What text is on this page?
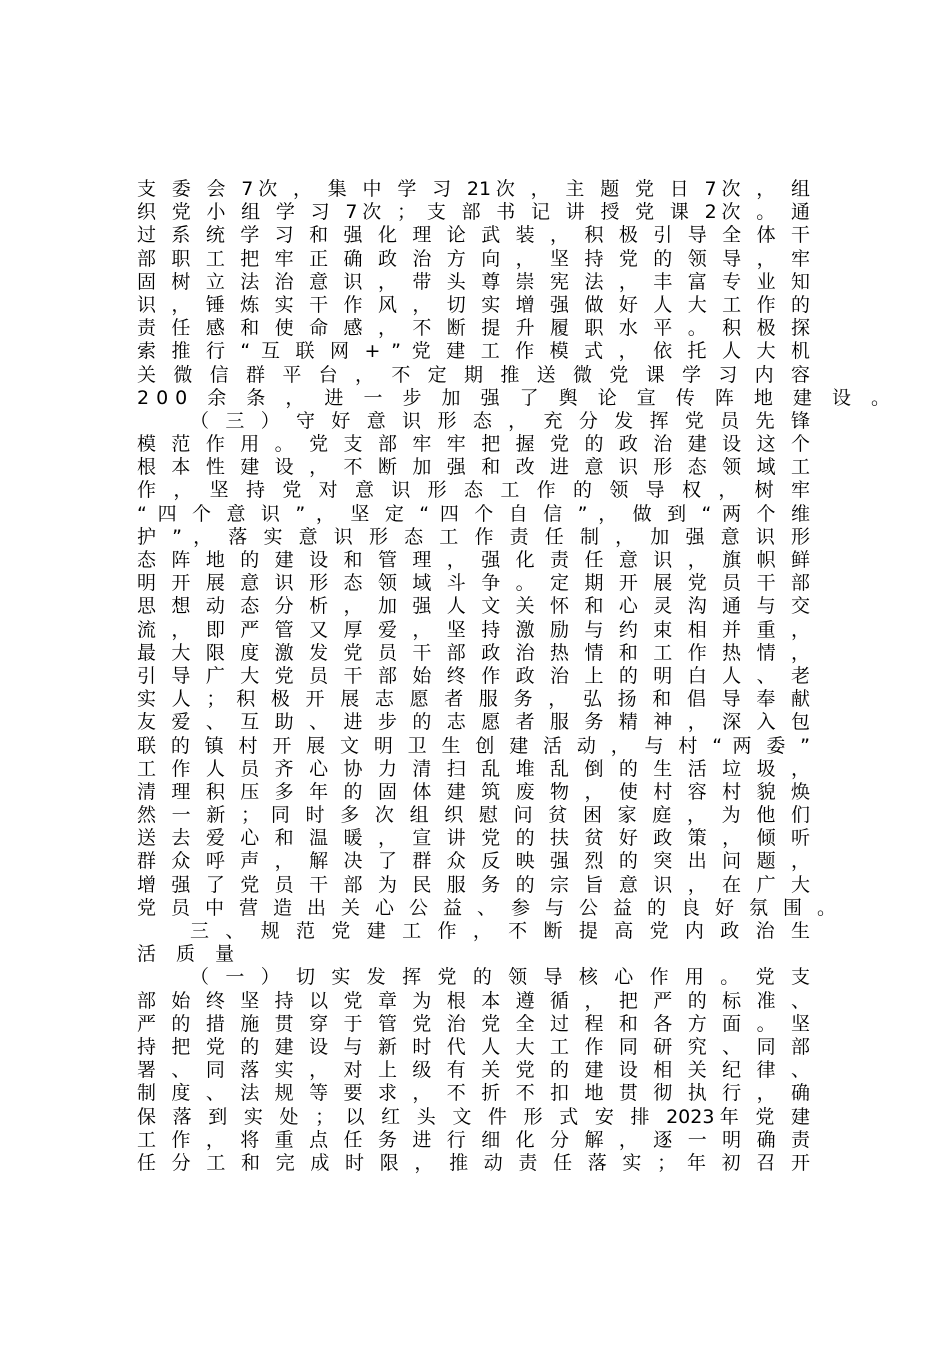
支 委 会 7次 ， 集 中 学 习 21次 ， 主 题 党 日 7次 ， 组
织 党 小 组 学 习 7次 ； 支 部 书 记 讲 授 党 课 2次 。 通
过 系 统 学 习 和 强 化 理 论 武 装 ， 积 极 引 导 全 体 干
部 职 工 把 牢 正 确 政 治 方 向 ， 坚 持 党 的 领 导 ， 牢
固 树 立 法 治 意 识 ， 带 头 尊 崇 宪 法 ， 丰 富 专 业 知
识 ， 锤 炼 实 干 作 风 ， 切 实 增 强 做 好 人 大 工 作 的
责 任 感 和 使 命 感 ， 不 断 提 升 履 职 水 平 。 积 极 探
索 推 行 “ 互 联 网 + ” 党 建 工 作 模 式 ， 依 托 人 大 机
关 微 信 群 平 台 ， 不 定 期 推 送 微 党 课 学 习 内 容
200 余 条 ， 进 一 步 加 强 了 舆 论 宣 传 阵 地 建 设 。
（ 三 ） 守 好 意 识 形 态 ， 充 分 发 挥 党 员 先 锋
模 范 作 用 。 党 支 部 牢 牢 把 握 党 的 政 治 建 设 这 个
根 本 性 建 设 ， 不 断 加 强 和 改 进 意 识 形 态 领 域 工
作 ， 坚 持 党 对 意 识 形 态 工 作 的 领 导 权 ， 树 牢
“ 四 个 意 识 ” ， 坚 定 “ 四 个 自 信 ” ， 做 到 “ 两 个 维
护 ” ， 落 实 意 识 形 态 工 作 责 任 制 ， 加 强 意 识 形
态 阵 地 的 建 设 和 管 理 ， 强 化 责 任 意 识 ， 旗 帜 鲜
明 开 展 意 识 形 态 领 域 斗 争 。 定 期 开 展 党 员 干 部
思 想 动 态 分 析 ， 加 强 人 文 关 怀 和 心 灵 沟 通 与 交
流 ， 即 严 管 又 厚 爱 ， 坚 持 激 励 与 约 束 相 并 重 ，
最 大 限 度 激 发 党 员 干 部 政 治 热 情 和 工 作 热 情 ，
引 导 广 大 党 员 干 部 始 终 作 政 治 上 的 明 白 人 、 老
实 人 ； 积 极 开 展 志 愿 者 服 务 ， 弘 扬 和 倡 导 奉 献
友 爱 、 互 助 、 进 步 的 志 愿 者 服 务 精 神 ， 深 入 包
联 的 镇 村 开 展 文 明 卫 生 创 建 活 动 ， 与 村 “ 两 委 ”
工 作 人 员 齐 心 协 力 清 扫 乱 堆 乱 倒 的 生 活 垃 圾 ，
清 理 积 压 多 年 的 固 体 建 筑 废 物 ， 使 村 容 村 貌 焕
然 一 新 ； 同 时 多 次 组 织 慰 问 贫 困 家 庭 ， 为 他 们
送 去 爱 心 和 温 暖 ， 宣 讲 党 的 扶 贫 好 政 策 ， 倾 听
群 众 呼 声 ， 解 决 了 群 众 反 映 强 烈 的 突 出 问 题 ，
增 强 了 党 员 干 部 为 民 服 务 的 宗 旨 意 识 ， 在 广 大
党 员 中 营 造 出 关 心 公 益 、 参 与 公 益 的 良 好 氛 围 。
三 、 规 范 党 建 工 作 ， 不 断 提 高 党 内 政 治 生
活 质 量
（ 一 ） 切 实 发 挥 党 的 领 导 核 心 作 用 。 党 支
部 始 终 坚 持 以 党 章 为 根 本 遵 循 ， 把 严 的 标 准 、
严 的 措 施 贯 穿 于 管 党 治 党 全 过 程 和 各 方 面 。 坚
持 把 党 的 建 设 与 新 时 代 人 大 工 作 同 研 究 、 同 部
署 、 同 落 实 ， 对 上 级 有 关 党 的 建 设 相 关 纪 律 、
制 度 、 法 规 等 要 求 ， 不 折 不 扣 地 贯 彻 执 行 ， 确
保 落 到 实 处 ； 以 红 头 文 件 形 式 安 排 2023年 党 建
工 作 ， 将 重 点 任 务 进 行 细 化 分 解 ， 逐 一 明 确 责
任 分 工 和 完 成 时 限 ， 推 动 责 任 落 实 ； 年 初 召 开
